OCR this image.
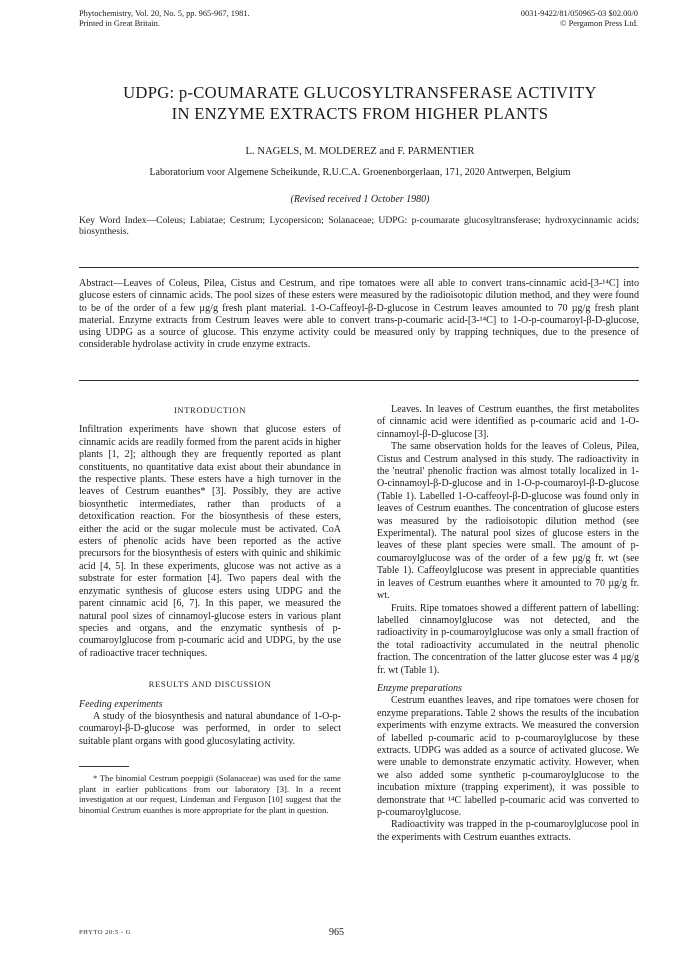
Phytochemistry, Vol. 20, No. 5, pp. 965-967, 1981.
Printed in Great Britain.
0031-9422/81/050965-03 $02.00/0
© Pergamon Press Ltd.
UDPG: p-COUMARATE GLUCOSYLTRANSFERASE ACTIVITY
IN ENZYME EXTRACTS FROM HIGHER PLANTS
L. NAGELS, M. MOLDEREZ and F. PARMENTIER
Laboratorium voor Algemene Scheikunde, R.U.C.A. Groenenborgerlaan, 171, 2020 Antwerpen, Belgium
(Revised received 1 October 1980)
Key Word Index—Coleus; Labiatae; Cestrum; Lycopersicon; Solanaceae; UDPG: p-coumarate glucosyltransferase; hydroxycinnamic acids; biosynthesis.
Abstract—Leaves of Coleus, Pilea, Cistus and Cestrum, and ripe tomatoes were all able to convert trans-cinnamic acid-[3-¹⁴C] into glucose esters of cinnamic acids. The pool sizes of these esters were measured by the radioisotopic dilution method, and they were found to be of the order of a few µg/g fresh plant material. 1-O-Caffeoyl-β-D-glucose in Cestrum leaves amounted to 70 µg/g fresh plant material. Enzyme extracts from Cestrum leaves were able to convert trans-p-coumaric acid-[3-¹⁴C] to 1-O-p-coumaroyl-β-D-glucose, using UDPG as a source of glucose. This enzyme activity could be measured only by trapping techniques, due to the presence of considerable hydrolase activity in crude enzyme extracts.
INTRODUCTION

Infiltration experiments have shown that glucose esters of cinnamic acids are readily formed from the parent acids in higher plants [1, 2]; although they are frequently reported as plant constituents, no quantitative data exist about their abundance in the respective plants. These esters have a high turnover in the leaves of Cestrum euanthes* [3]. Possibly, they are active biosynthetic intermediates, rather than products of a detoxification reaction. For the biosynthesis of these esters, either the acid or the sugar molecule must be activated. CoA esters of phenolic acids have been reported as the active precursors for the biosynthesis of esters with quinic and shikimic acid [4, 5]. In these experiments, glucose was not active as a substrate for ester formation [4]. Two papers deal with the enzymatic synthesis of glucose esters using UDPG and the parent cinnamic acid [6, 7]. In this paper, we measured the natural pool sizes of cinnamoyl-glucose esters in various plant species and organs, and the enzymatic synthesis of p-coumaroylglucose from p-coumaric acid and UDPG, by the use of radioactive tracer techniques.

RESULTS AND DISCUSSION

Feeding experiments

A study of the biosynthesis and natural abundance of 1-O-p-coumaroyl-β-D-glucose was performed, in order to select suitable plant organs with good glucosylating activity.

* The binomial Cestrum poeppigii (Solanaceae) was used for the same plant in earlier publications from our laboratory [3]. In a recent investigation at our request, Lindeman and Ferguson [10] suggest that the binomial Cestrum euanthes is more appropriate for the plant in question.

Leaves. In leaves of Cestrum euanthes, the first metabolites of cinnamic acid were identified as p-coumaric acid and 1-O-cinnamoyl-β-D-glucose [3].

The same observation holds for the leaves of Coleus, Pilea, Cistus and Cestrum analysed in this study. The radioactivity in the 'neutral' phenolic fraction was almost totally localized in 1-O-cinnamoyl-β-D-glucose and in 1-O-p-coumaroyl-β-D-glucose (Table 1). Labelled 1-O-caffeoyl-β-D-glucose was found only in leaves of Cestrum euanthes. The concentration of glucose esters was measured by the radioisotopic dilution method (see Experimental). The natural pool sizes of glucose esters in the leaves of these plant species were small. The amount of p-coumaroylglucose was of the order of a few µg/g fr. wt (see Table 1). Caffeoylglucose was present in appreciable quantities in leaves of Cestrum euanthes where it amounted to 70 µg/g fr. wt.

Fruits. Ripe tomatoes showed a different pattern of labelling: labelled cinnamoylglucose was not detected, and the radioactivity in p-coumaroylglucose was only a small fraction of the total radioactivity accumulated in the neutral phenolic fraction. The concentration of the latter glucose ester was 4 µg/g fr. wt (Table 1).

Enzyme preparations

Cestrum euanthes leaves, and ripe tomatoes were chosen for enzyme preparations. Table 2 shows the results of the incubation experiments with enzyme extracts. We measured the conversion of labelled p-coumaric acid to p-coumaroylglucose by these extracts. UDPG was added as a source of activated glucose. We were unable to demonstrate enzymatic activity. However, when we also added some synthetic p-coumaroylglucose to the incubation mixture (trapping experiment), it was possible to demonstrate that ¹⁴C labelled p-coumaric acid was converted to p-coumaroylglucose.

Radioactivity was trapped in the p-coumaroylglucose pool in the experiments with Cestrum euanthes extracts.

PHYTO 20:5 - G	965
